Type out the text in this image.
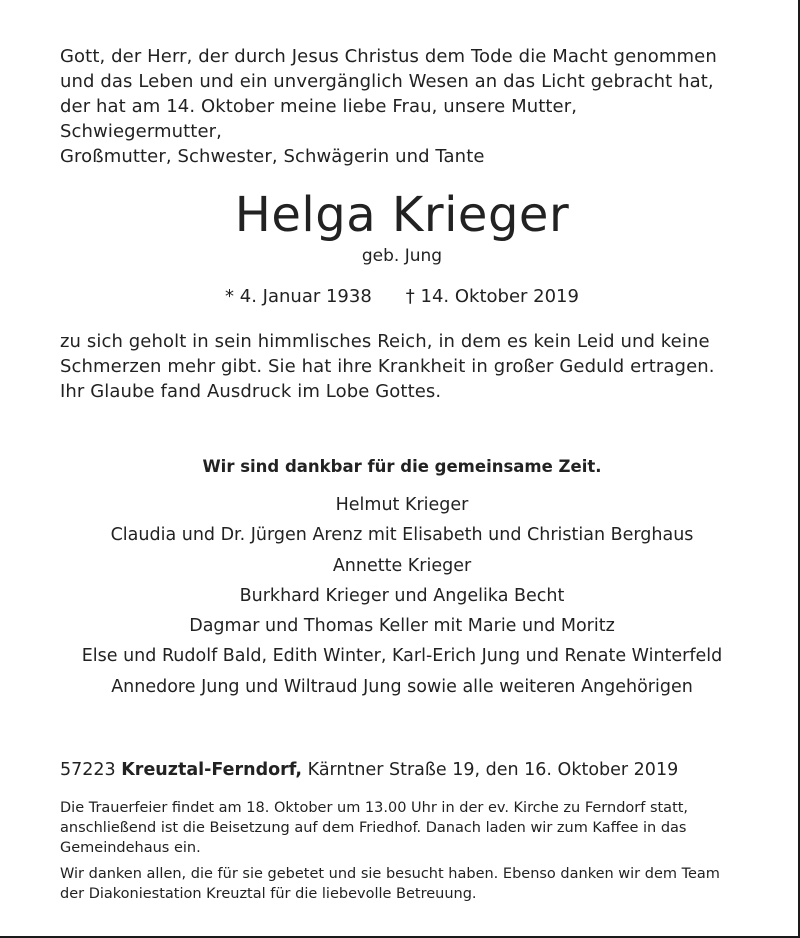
Gott, der Herr, der durch Jesus Christus dem Tode die Macht genommen

und das Leben und ein unvergänglich Wesen an das Licht gebracht hat,

der hat am 14. Oktober meine liebe Frau, unsere Mutter, Schwiegermutter,

Großmutter, Schwester, Schwägerin und Tante

Helga Krieger
geb. Jung
* 4. Januar 1938 † 14. Oktober 2019

zu sich geholt in sein himmlisches Reich, in dem es kein Leid und keine

Schmerzen mehr gibt. Sie hat ihre Krankheit in großer Geduld ertragen.

Ihr Glaube fand Ausdruck im Lobe Gottes.

Wir sind dankbar für die gemeinsame Zeit.
Helmut Krieger
Claudia und Dr. Jürgen Arenz mit Elisabeth und Christian Berghaus
Annette Krieger
Burkhard Krieger und Angelika Becht
Dagmar und Thomas Keller mit Marie und Moritz
Else und Rudolf Bald, Edith Winter, Karl-Erich Jung und Renate Winterfeld
Annedore Jung und Wiltraud Jung sowie alle weiteren Angehörigen
57223 Kreuztal-Ferndorf, Kärntner Straße 19, den 16. Oktober 2019

Die Trauerfeier findet am 18. Oktober um 13.00 Uhr in der ev. Kirche zu Ferndorf statt, anschließend ist die Beisetzung auf dem Friedhof. Danach laden wir zum Kaffee in das Gemeindehaus ein.

Wir danken allen, die für sie gebetet und sie besucht haben. Ebenso danken wir dem Team der Diakoniestation Kreuztal für die liebevolle Betreuung.
